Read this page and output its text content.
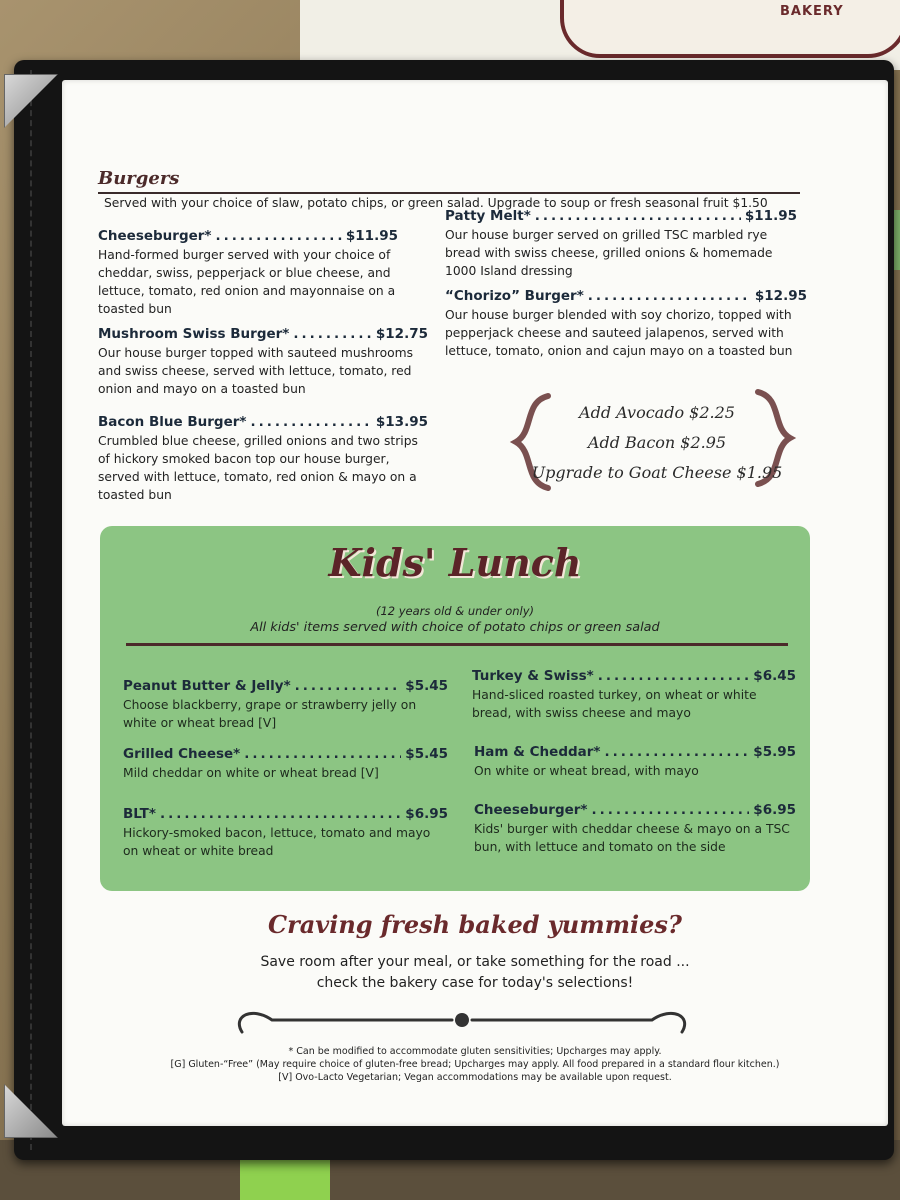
BAKERY
Burgers
Served with your choice of slaw, potato chips, or green salad. Upgrade to soup or fresh seasonal fruit $1.50
Cheeseburger* .....	$11.95
Hand-formed burger served with your choice of cheddar, swiss, pepperjack or blue cheese, and lettuce, tomato, red onion and mayonnaise on a toasted bun
Mushroom Swiss Burger* .....	$12.75
Our house burger topped with sauteed mushrooms and swiss cheese, served with lettuce, tomato, red onion and mayo on a toasted bun
Bacon Blue Burger* .....	$13.95
Crumbled blue cheese, grilled onions and two strips of hickory smoked bacon top our house burger, served with lettuce, tomato, red onion & mayo on a toasted bun
Patty Melt* .....	$11.95
Our house burger served on grilled TSC marbled rye bread with swiss cheese, grilled onions & homemade 1000 Island dressing
“Chorizo” Burger* .....	$12.95
Our house burger blended with soy chorizo, topped with pepperjack cheese and sauteed jalapenos, served with lettuce, tomato, onion and cajun mayo on a toasted bun
Add Avocado $2.25
Add Bacon $2.95
Upgrade to Goat Cheese $1.95
Kids' Lunch
(12 years old & under only)
All kids' items served with choice of potato chips or green salad
Peanut Butter & Jelly* .....	$5.45
Choose blackberry, grape or strawberry jelly on white or wheat bread [V]
Grilled Cheese* .....	$5.45
Mild cheddar on white or wheat bread [V]
BLT* .....	$6.95
Hickory-smoked bacon, lettuce, tomato and mayo on wheat or white bread
Turkey & Swiss* .....	$6.45
Hand-sliced roasted turkey, on wheat or white bread, with swiss cheese and mayo
Ham & Cheddar* .....	$5.95
On white or wheat bread, with mayo
Cheeseburger* .....	$6.95
Kids' burger with cheddar cheese & mayo on a TSC bun, with lettuce and tomato on the side
Craving fresh baked yummies?
Save room after your meal, or take something for the road ...
check the bakery case for today's selections!
* Can be modified to accommodate gluten sensitivities; Upcharges may apply.
[G] Gluten-“Free” (May require choice of gluten-free bread; Upcharges may apply. All food prepared in a standard flour kitchen.)
[V] Ovo-Lacto Vegetarian; Vegan accommodations may be available upon request.
